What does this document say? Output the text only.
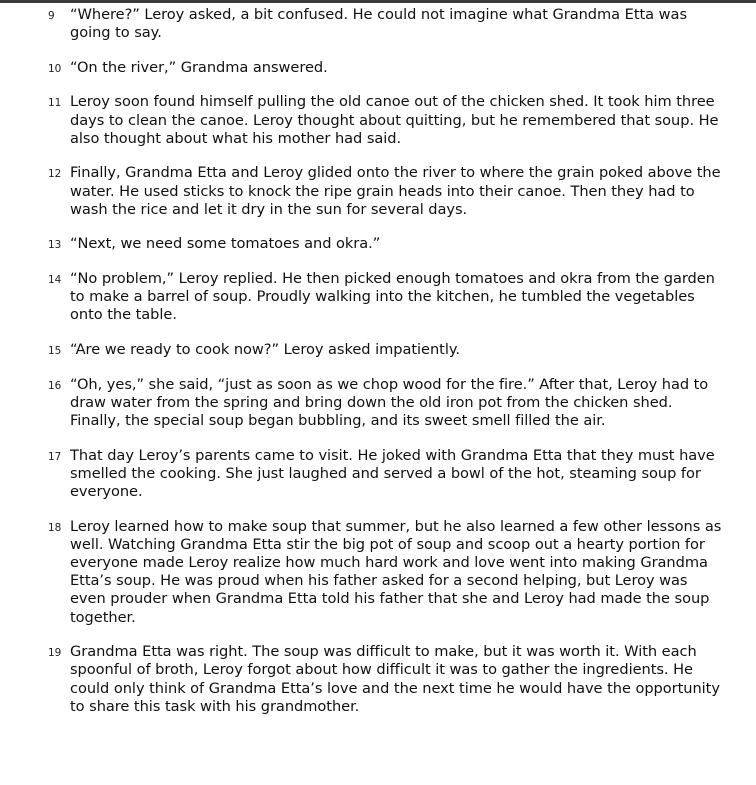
9	“Where?” Leroy asked, a bit confused. He could not imagine what Grandma Etta was going to say.
10 “On the river,” Grandma answered.
11 Leroy soon found himself pulling the old canoe out of the chicken shed. It took him three days to clean the canoe. Leroy thought about quitting, but he remembered that soup. He also thought about what his mother had said.
12 Finally, Grandma Etta and Leroy glided onto the river to where the grain poked above the water. He used sticks to knock the ripe grain heads into their canoe. Then they had to wash the rice and let it dry in the sun for several days.
13 “Next, we need some tomatoes and okra.”
14 “No problem,” Leroy replied. He then picked enough tomatoes and okra from the garden to make a barrel of soup. Proudly walking into the kitchen, he tumbled the vegetables onto the table.
15 “Are we ready to cook now?” Leroy asked impatiently.
16 “Oh, yes,” she said, “just as soon as we chop wood for the fire.” After that, Leroy had to draw water from the spring and bring down the old iron pot from the chicken shed. Finally, the special soup began bubbling, and its sweet smell filled the air.
17 That day Leroy’s parents came to visit. He joked with Grandma Etta that they must have smelled the cooking. She just laughed and served a bowl of the hot, steaming soup for everyone.
18 Leroy learned how to make soup that summer, but he also learned a few other lessons as well. Watching Grandma Etta stir the big pot of soup and scoop out a hearty portion for everyone made Leroy realize how much hard work and love went into making Grandma Etta’s soup. He was proud when his father asked for a second helping, but Leroy was even prouder when Grandma Etta told his father that she and Leroy had made the soup together.
19 Grandma Etta was right. The soup was difficult to make, but it was worth it. With each spoonful of broth, Leroy forgot about how difficult it was to gather the ingredients. He could only think of Grandma Etta’s love and the next time he would have the opportunity to share this task with his grandmother.
